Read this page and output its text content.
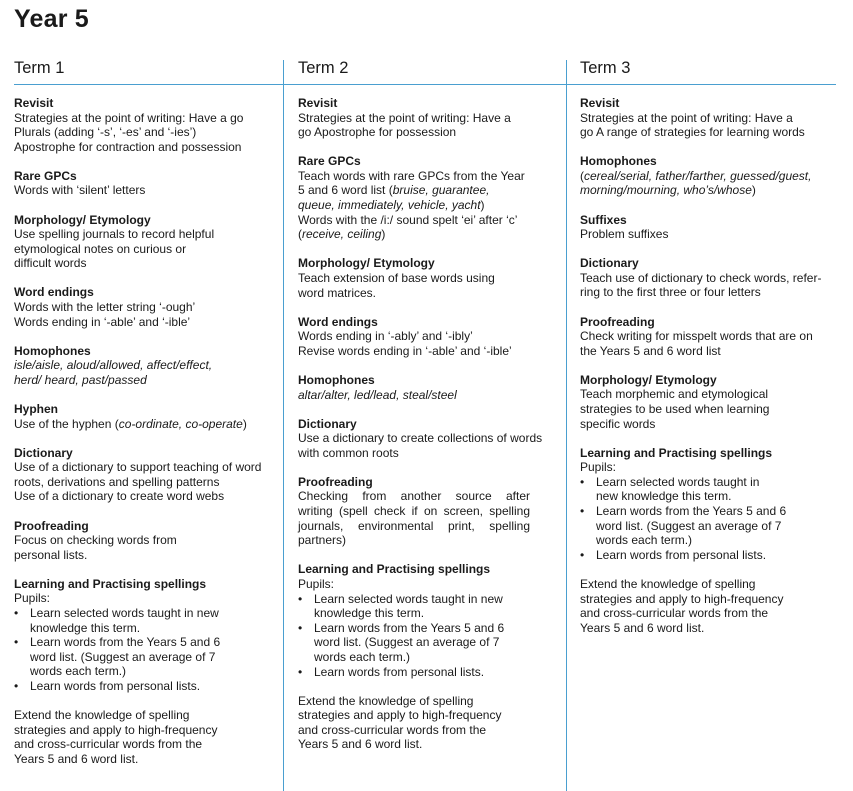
Year 5
Term 1
Revisit
Strategies at the point of writing: Have a go
Plurals (adding ‘-s’, ‘-es’ and ‘-ies’)
Apostrophe for contraction and possession
Rare GPCs
Words with ‘silent’ letters
Morphology/ Etymology
Use spelling journals to record helpful
etymological notes on curious or
difficult words
Word endings
Words with the letter string ‘-ough’
Words ending in ‘-able’ and ‘-ible’
Homophones
isle/aisle, aloud/allowed, affect/effect,
herd/ heard, past/passed
Hyphen
Use of the hyphen (co-ordinate, co-operate)
Dictionary
Use of a dictionary to support teaching of word
roots, derivations and spelling patterns
Use of a dictionary to create word webs
Proofreading
Focus on checking words from
personal lists.
Learning and Practising spellings
Pupils:
• Learn selected words taught in new
knowledge this term.
• Learn words from the Years 5 and 6
word list. (Suggest an average of 7
words each term.)
• Learn words from personal lists.
Extend the knowledge of spelling
strategies and apply to high-frequency
and cross-curricular words from the
Years 5 and 6 word list.
Term 2
Revisit
Strategies at the point of writing: Have a
go Apostrophe for possession
Rare GPCs
Teach words with rare GPCs from the Year
5 and 6 word list (bruise, guarantee,
queue, immediately, vehicle, yacht)
Words with the /i:/ sound spelt ‘ei’ after ‘c’
(receive, ceiling)
Morphology/ Etymology
Teach extension of base words using
word matrices.
Word endings
Words ending in ‘-ably’ and ‘-ibly’
Revise words ending in ‘-able’ and ‘-ible’
Homophones
altar/alter, led/lead, steal/steel
Dictionary
Use a dictionary to create collections of words
with common roots
Proofreading
Checking from another source after
writing (spell check if on screen, spelling
journals, environmental print, spelling
partners)
Learning and Practising spellings
Pupils:
• Learn selected words taught in new
knowledge this term.
• Learn words from the Years 5 and 6
word list. (Suggest an average of 7
words each term.)
• Learn words from personal lists.
Extend the knowledge of spelling
strategies and apply to high-frequency
and cross-curricular words from the
Years 5 and 6 word list.
Term 3
Revisit
Strategies at the point of writing: Have a
go A range of strategies for learning words
Homophones
(cereal/serial, father/farther, guessed/guest,
morning/mourning, who’s/whose)
Suffixes
Problem suffixes
Dictionary
Teach use of dictionary to check words, refer-
ring to the first three or four letters
Proofreading
Check writing for misspelt words that are on
the Years 5 and 6 word list
Morphology/ Etymology
Teach morphemic and etymological
strategies to be used when learning
specific words
Learning and Practising spellings
Pupils:
• Learn selected words taught in
new knowledge this term.
• Learn words from the Years 5 and 6
word list. (Suggest an average of 7
words each term.)
• Learn words from personal lists.
Extend the knowledge of spelling
strategies and apply to high-frequency
and cross-curricular words from the
Years 5 and 6 word list.
